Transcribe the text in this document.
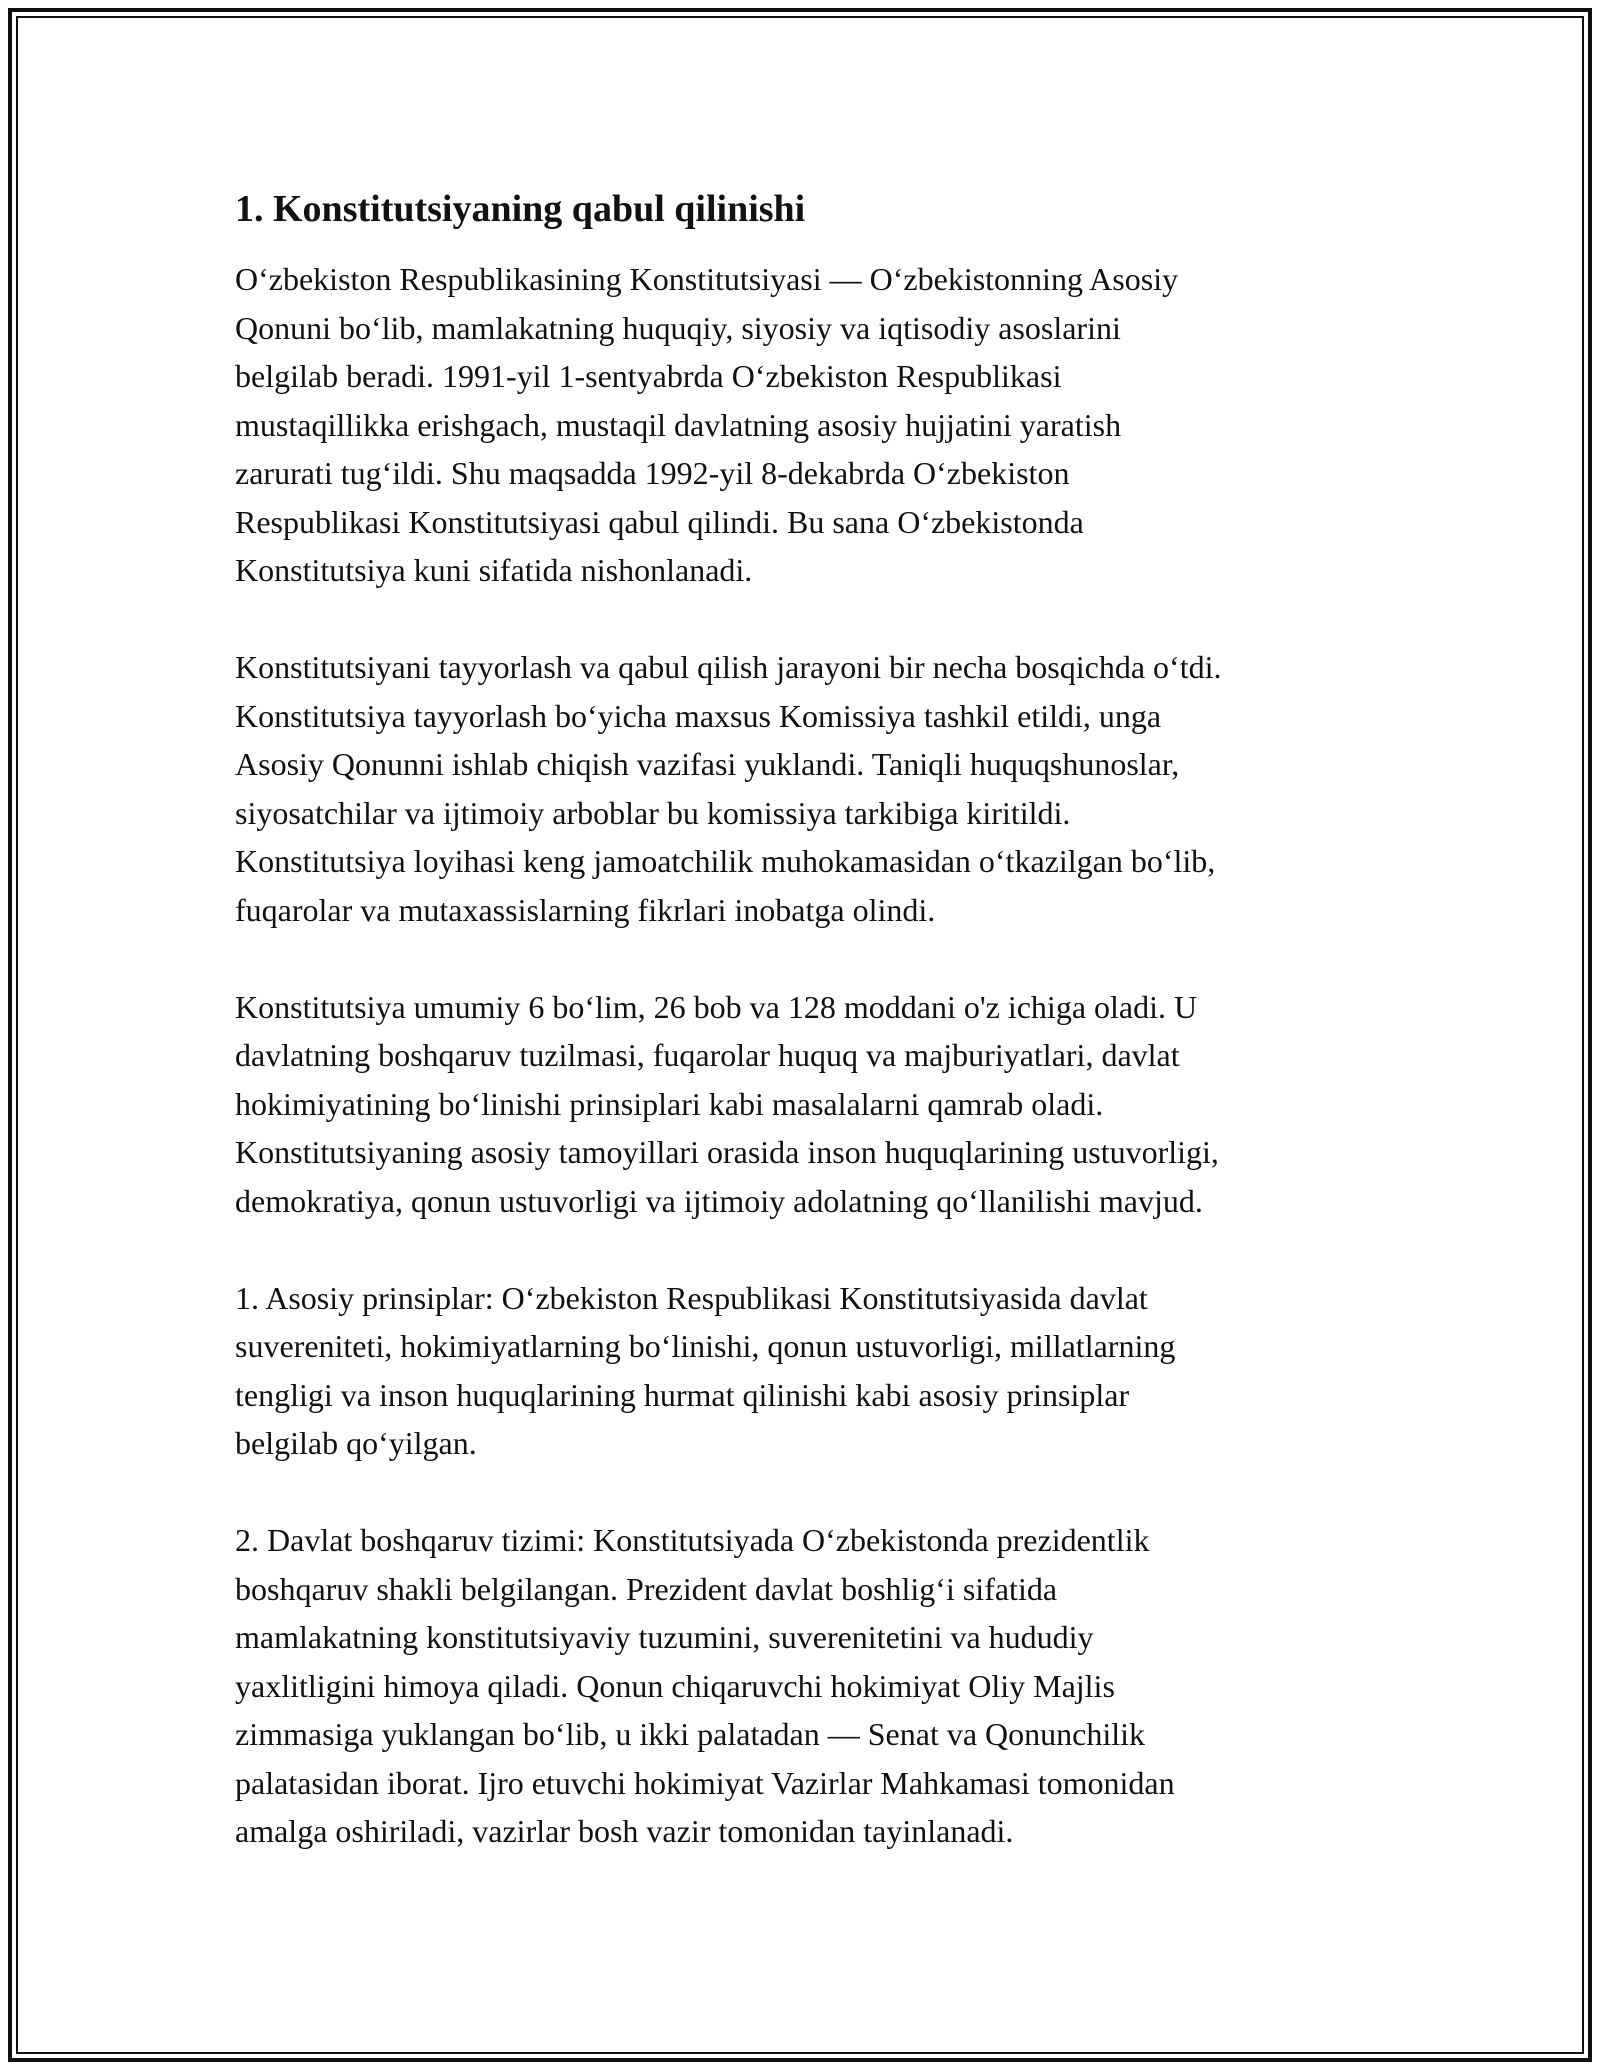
1. Konstitutsiyaning qabul qilinishi

O‘zbekiston Respublikasining Konstitutsiyasi — O‘zbekistonning Asosiy
Qonuni bo‘lib, mamlakatning huquqiy, siyosiy va iqtisodiy asoslarini
belgilab beradi. 1991-yil 1-sentyabrda O‘zbekiston Respublikasi
mustaqillikka erishgach, mustaqil davlatning asosiy hujjatini yaratish
zarurati tug‘ildi. Shu maqsadda 1992-yil 8-dekabrda O‘zbekiston
Respublikasi Konstitutsiyasi qabul qilindi. Bu sana O‘zbekistonda
Konstitutsiya kuni sifatida nishonlanadi.

Konstitutsiyani tayyorlash va qabul qilish jarayoni bir necha bosqichda o‘tdi.
Konstitutsiya tayyorlash bo‘yicha maxsus Komissiya tashkil etildi, unga
Asosiy Qonunni ishlab chiqish vazifasi yuklandi. Taniqli huquqshunoslar,
siyosatchilar va ijtimoiy arboblar bu komissiya tarkibiga kiritildi.
Konstitutsiya loyihasi keng jamoatchilik muhokamasidan o‘tkazilgan bo‘lib,
fuqarolar va mutaxassislarning fikrlari inobatga olindi.

Konstitutsiya umumiy 6 bo‘lim, 26 bob va 128 moddani o'z ichiga oladi. U
davlatning boshqaruv tuzilmasi, fuqarolar huquq va majburiyatlari, davlat
hokimiyatining bo‘linishi prinsiplari kabi masalalarni qamrab oladi.
Konstitutsiyaning asosiy tamoyillari orasida inson huquqlarining ustuvorligi,
demokratiya, qonun ustuvorligi va ijtimoiy adolatning qo‘llanilishi mavjud.

1. Asosiy prinsiplar: O‘zbekiston Respublikasi Konstitutsiyasida davlat
suvereniteti, hokimiyatlarning bo‘linishi, qonun ustuvorligi, millatlarning
tengligi va inson huquqlarining hurmat qilinishi kabi asosiy prinsiplar
belgilab qo‘yilgan.

2. Davlat boshqaruv tizimi: Konstitutsiyada O‘zbekistonda prezidentlik
boshqaruv shakli belgilangan. Prezident davlat boshlig‘i sifatida
mamlakatning konstitutsiyaviy tuzumini, suverenitetini va hududiy
yaxlitligini himoya qiladi. Qonun chiqaruvchi hokimiyat Oliy Majlis
zimmasiga yuklangan bo‘lib, u ikki palatadan — Senat va Qonunchilik
palatasidan iborat. Ijro etuvchi hokimiyat Vazirlar Mahkamasi tomonidan
amalga oshiriladi, vazirlar bosh vazir tomonidan tayinlanadi.
